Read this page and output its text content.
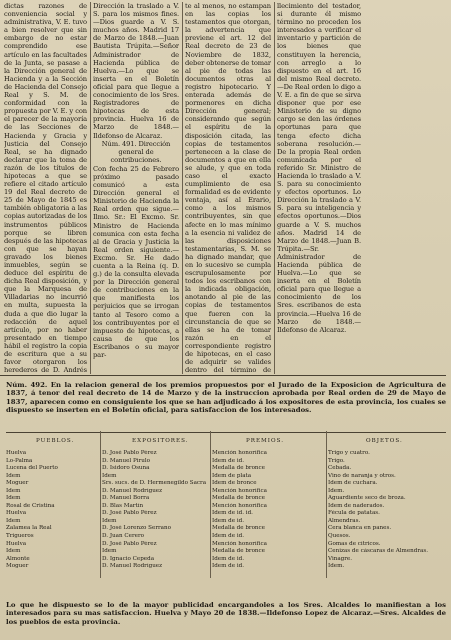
dictas razones de conveniencia social y administrativa, V. E. tuvo a bien resolver que sin embargo de no estar comprendido ese artículo en las facultades de la Junta, se pasase a la Dirección general de Hacienda y a la Sección de Hacienda del Consejo Real y S. M. de conformidad con la propuesta por V. E. y con el parecer de la mayoría de las Secciones de Hacienda y Gracia y Justicia del Consejo Real, se ha dignado declarar que la toma de razón de los títulos de hipotecas a que se refiere el citado artículo 19 del Real decreto de 25 de Mayo de 1845 es también obligatoria a las copias autorizadas de los instrumentos públicos porque se libren después de las hipotecas con que se hayan gravado los bienes inmuebles, según se deduce del espíritu de dicha Real disposición, y que la Marquesa de Villadarias no incurrió en multa, supuesta la duda a que dio lugar la redacción de aquel artículo, por no haber presentado en tiempo hábil el registro la copia de escritura que a su favor otorgaron los herederos de D. Andrés

Dirección la traslado a V. S. para los mismos fines.—Dios guarde a V. S. muchos años. Madrid 17 de Marzo de 1848.—Juan Bautista Trúpita.—Señor Administrador de Hacienda pública de Huelva.—Lo que se inserta en el Boletín oficial para que llegue a conocimiento de los Sres. Registradores de hipotecas de esta provincia. Huelva 16 de Marzo de 1848.—Ildefonso de Alcaraz.

Núm. 491. Dirección general de contribuciones.

Con fecha 25 de Febrero próximo pasado comunicó a esta Dirección general el Ministerio de Hacienda la Real orden que sigue.—Ilmo. Sr.: El Excmo. Sr. Ministro de Hacienda comunica con esta fecha al de Gracia y Justicia la Real orden siguiente.—Excmo. Sr. He dado cuenta a la Reina (q. D. g.) de la consulta elevada por la Dirección general de contribuciones en la que manifiesta los perjuicios que se irrogan tanto al Tesoro como a los contribuyentes por el impuesto de hipotecas, a causa de que los Escribanos o su mayor par-

te al menos, no estampan en las copias los testamentos que otorgan, la advertencia que previene el art. 12 del Real decreto de 23 de Noviembre de 1832, deber obtenerse de tomar al pie de todas las documentos otras al registro hipotecario. Y enterada además de pormenores en dicha Dirección general; considerando que según el espíritu de la disposición citada, las copias de testamentos pertenecen a la clase de documentos a que en ella se alude, y que en toda caso el exacto cumplimiento de esa formalidad es de evidente ventaja, así al Erario, como a los mismos contribuyentes, sin que afecte en lo mas mínimo a la esencia ni validez de las disposiciones testamentarias, S. M. se ha dignado mandar, que en lo sucesivo se cumpla escrupulosamente por todos los escribanos con la indicada obligación, anotando al pie de las copias de testamentos que fueren con la circunstancia de que se ellas se ha de tomar razón en el correspondiente registro de hipotecas, en el caso de adquirir se valides dentro del término de

llecimiento del testador, si durante él mismo término no proceden los interesados a verificar el inventario y partición de los bienes que constituyen la herencia, con arreglo a lo dispuesto en el art. 16 del mismo Real decreto.—De Real orden lo digo a V. E. a fin de que se sirva disponer que por ese Ministerio de su digno cargo se den las órdenes oportunas para que tenga efecto dicha soberana resolución.—De la propia Real orden comunicada por el referido Sr. Ministro de Hacienda lo traslado a V. S. para su conocimiento y efectos oportunos. Lo Dirección la traslado a V. S. para su inteligencia y efectos oportunos.—Dios guarde a V. S. muchos años. Madrid 14 de Marzo de 1848.—Juan B. Trúpita.—Sr. Administrador de Hacienda pública de Huelva.—Lo que se inserta en el Boletín oficial para que llegue a conocimiento de los Sres. escribanos de esta provincia.—Huelva 16 de Marzo de 1848.—Ildefonso de Alcaraz.

Núm. 492. En la relacion general de los premios propuestos por el Jurado de la Exposicion de Agricultura de 1837, á tenor del real decreto de 14 de Marzo y de la instruccion aprobada por Real orden de 29 de Mayo de 1837, aparecen como en consiguiente los que se han adjudicado á los expositores de esta provincia, los cuales se dispuesto se inserten en el Boletín oficial, para satisfaccion de los interesados.
PUEBLOS.	EXPOSITORES.	PREMIOS.	OBJETOS.
Huelva	D. José Pablo Pérez	Mención honorífica	Trigo y cuatro.
Lo-Palma	D. Manuel Pirulo	Idem de id.	Trigo.
Lucena del Puerto	D. Isidoro Osuna	Medalla de bronce	Cebada.
Idem	Idem	Idem de plata	Vino de naranja y otros.
Moguer	Srs. sucs. de D. Hermenegildo Sacra	Idem de bronce	Idem de cuchara.
Idem	D. Manuel Rodríguez	Mención honorífica	Idem.
Idem	D. Manuel Borra	Medalla de bronce	Aguardiente seco de broza.
Rosal de Cristina	D. Blas Martín	Mención honorífica	Idem de naderados.
Huelva	D. José Pablo Pérez	Idem de id. id.	Fécula de patatas.
Idem	Idem	Idem de id.	Almendras.
Zalamea la Real	D. José Lorenzo Serrano	Medalla de bronce	Cera blanca en panes.
Trigueros	D. Juan Cerero	Idem de id.	Quesos.
Huelva	D. José Pablo Pérez	Mención honorífica	Gomas de cítricos.
Idem	Idem	Medalla de bronce	Cenizas de cáscaras de Almendras.
Almonte	D. Ignacio Cepeda	Idem de id.	Vinagre.
Moguer	D. Manuel Rodríguez	Idem de id.	Idem.
Lo que he dispuesto se lo de la mayor publicidad encargandoles a los Sres. Alcaldes lo manifiestan a los interesados para su mas satisfaccion. Huelva y Mayo 20 de 1838.—Ildefonso Lopez de Alcaraz.—Sres. Alcaldes de los pueblos de esta provincia.
